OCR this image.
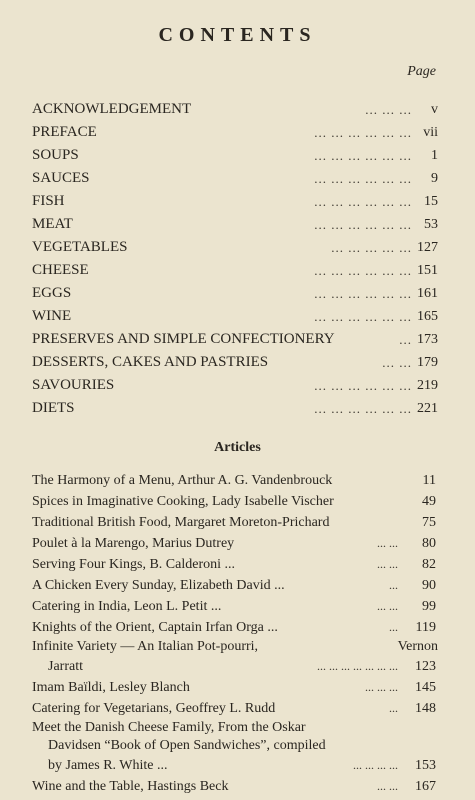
CONTENTS
Page
ACKNOWLEDGEMENT	... ... ... v
PREFACE	... ... ... ... ... ... vii
SOUPS	... ... ... ... ... ... 1
SAUCES	... ... ... ... ... ... 9
FISH	... ... ... ... ... ... 15
MEAT	... ... ... ... ... ... 53
VEGETABLES	... ... ... ... ... 127
CHEESE	... ... ... ... ... ... 151
EGGS	... ... ... ... ... ... 161
WINE	... ... ... ... ... ... 165
PRESERVES AND SIMPLE CONFECTIONERY	... 173
DESSERTS, CAKES AND PASTRIES	... ... 179
SAVOURIES	... ... ... ... ... ... 219
DIETS	... ... ... ... ... ... 221
Articles
The Harmony of a Menu, Arthur A. G. Vandenbrouck	11
Spices in Imaginative Cooking, Lady Isabelle Vischer	49
Traditional British Food, Margaret Moreton-Prichard	75
Poulet à la Marengo, Marius Dutrey	... ... 80
Serving Four Kings, B. Calderoni ...	... ... 82
A Chicken Every Sunday, Elizabeth David ...	... 90
Catering in India, Leon L. Petit ...	... ... 99
Knights of the Orient, Captain Irfan Orga ...	... 119
Infinite Variety — An Italian Pot-pourri,	Vernon
Jarratt	... ... ... ... ... ... ... 123
Imam Baïldi, Lesley Blanch	... ... ... 145
Catering for Vegetarians, Geoffrey L. Rudd	... 148
Meet the Danish Cheese Family, From the Oskar
Davidsen “Book of Open Sandwiches”, compiled
by James R. White ...	... ... ... ... 153
Wine and the Table, Hastings Beck	... ... 167
